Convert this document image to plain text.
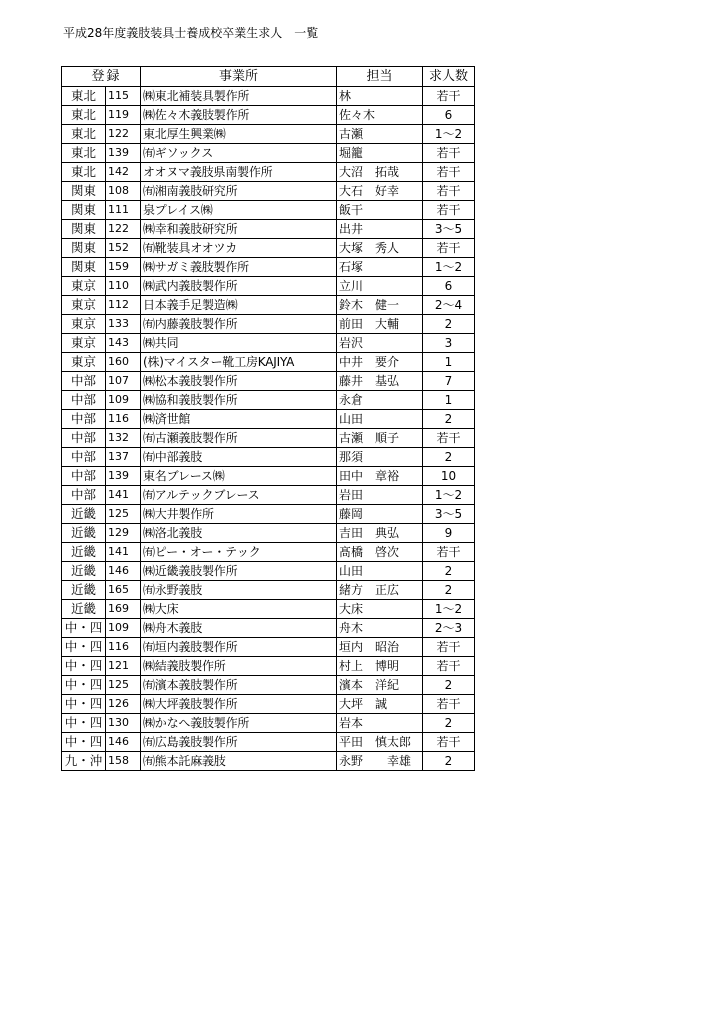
平成28年度義肢装具士養成校卒業生求人　一覧
登	録	事業所	担当	求人数
東北	115	㈱東北補装具製作所	林	若干
東北	119	㈱佐々木義肢製作所	佐々木	6
東北	122	東北厚生興業㈱	古瀬	1～2
東北	139	㈲ギソックス	堀籠	若干
東北	142	オオヌマ義肢県南製作所	大沼　拓哉	若干
関東	108	㈲湘南義肢研究所	大石　好幸	若干
関東	111	泉プレイス㈱	飯干	若干
関東	122	㈱幸和義肢研究所	出井	3～5
関東	152	㈲靴装具オオツカ	大塚　秀人	若干
関東	159	㈱サガミ義肢製作所	石塚	1～2
東京	110	㈱武内義肢製作所	立川	6
東京	112	日本義手足製造㈱	鈴木　健一	2～4
東京	133	㈲内藤義肢製作所	前田　大輔	2
東京	143	㈱共同	岩沢	3
東京	160	(株)マイスター靴工房KAJIYA	中井　要介	1
中部	107	㈱松本義肢製作所	藤井　基弘	7
中部	109	㈱協和義肢製作所	永倉	1
中部	116	㈱済世館	山田	2
中部	132	㈲古瀬義肢製作所	古瀬　順子	若干
中部	137	㈲中部義肢	那須	2
中部	139	東名ブレース㈱	田中　章裕	10
中部	141	㈲アルテックブレース	岩田	1～2
近畿	125	㈱大井製作所	藤岡	3～5
近畿	129	㈱洛北義肢	吉田　典弘	9
近畿	141	㈲ピー・オー・テック	髙橋　啓次	若干
近畿	146	㈱近畿義肢製作所	山田	2
近畿	165	㈲永野義肢	緒方　正広	2
近畿	169	㈱大床	大床	1～2
中・四	109	㈱舟木義肢	舟木	2～3
中・四	116	㈲垣内義肢製作所	垣内　昭治	若干
中・四	121	㈱結義肢製作所	村上　博明	若干
中・四	125	㈲濱本義肢製作所	濱本　洋紀	2
中・四	126	㈱大坪義肢製作所	大坪　誠	若干
中・四	130	㈱かなへ義肢製作所	岩本	2
中・四	146	㈲広島義肢製作所	平田　慎太郎	若干
九・沖	158	㈲熊本託麻義肢	永野　　幸雄	2
